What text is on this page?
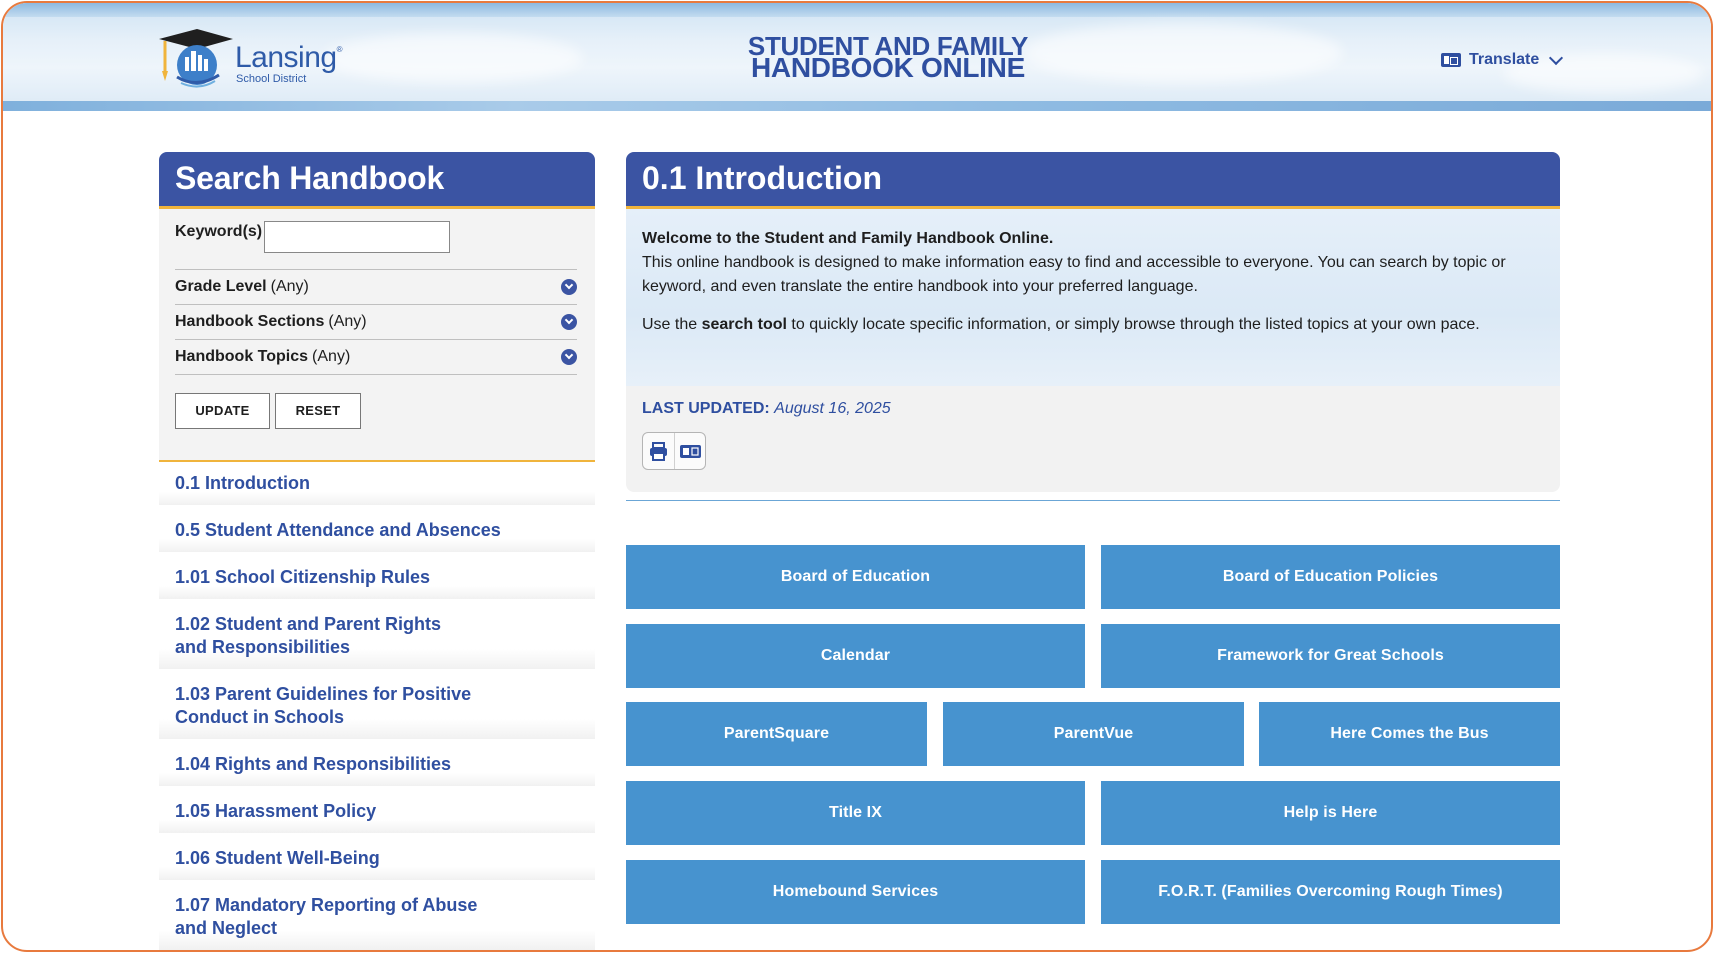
Lansing®
School District
STUDENT AND FAMILY
HANDBOOK ONLINE	Translate
Search Handbook
Keyword(s)
Grade Level (Any)
Handbook Sections (Any)
Handbook Topics (Any)
UPDATE	RESET
0.1 Introduction
0.5 Student Attendance and Absences
1.01 School Citizenship Rules
1.02 Student and Parent Rights and Responsibilities
1.03 Parent Guidelines for Positive Conduct in Schools
1.04 Rights and Responsibilities
1.05 Harassment Policy
1.06 Student Well-Being
1.07 Mandatory Reporting of Abuse and Neglect
0.1 Introduction

Welcome to the Student and Family Handbook Online.

This online handbook is designed to make information easy to find and accessible to everyone. You can search by topic or keyword, and even translate the entire handbook into your preferred language.

Use the search tool to quickly locate specific information, or simply browse through the listed topics at your own pace.

LAST UPDATED: August 16, 2025
Board of Education	Board of Education Policies
Calendar	Framework for Great Schools
ParentSquare	ParentVue	Here Comes the Bus
Title IX	Help is Here
Homebound Services	F.O.R.T. (Families Overcoming Rough Times)
